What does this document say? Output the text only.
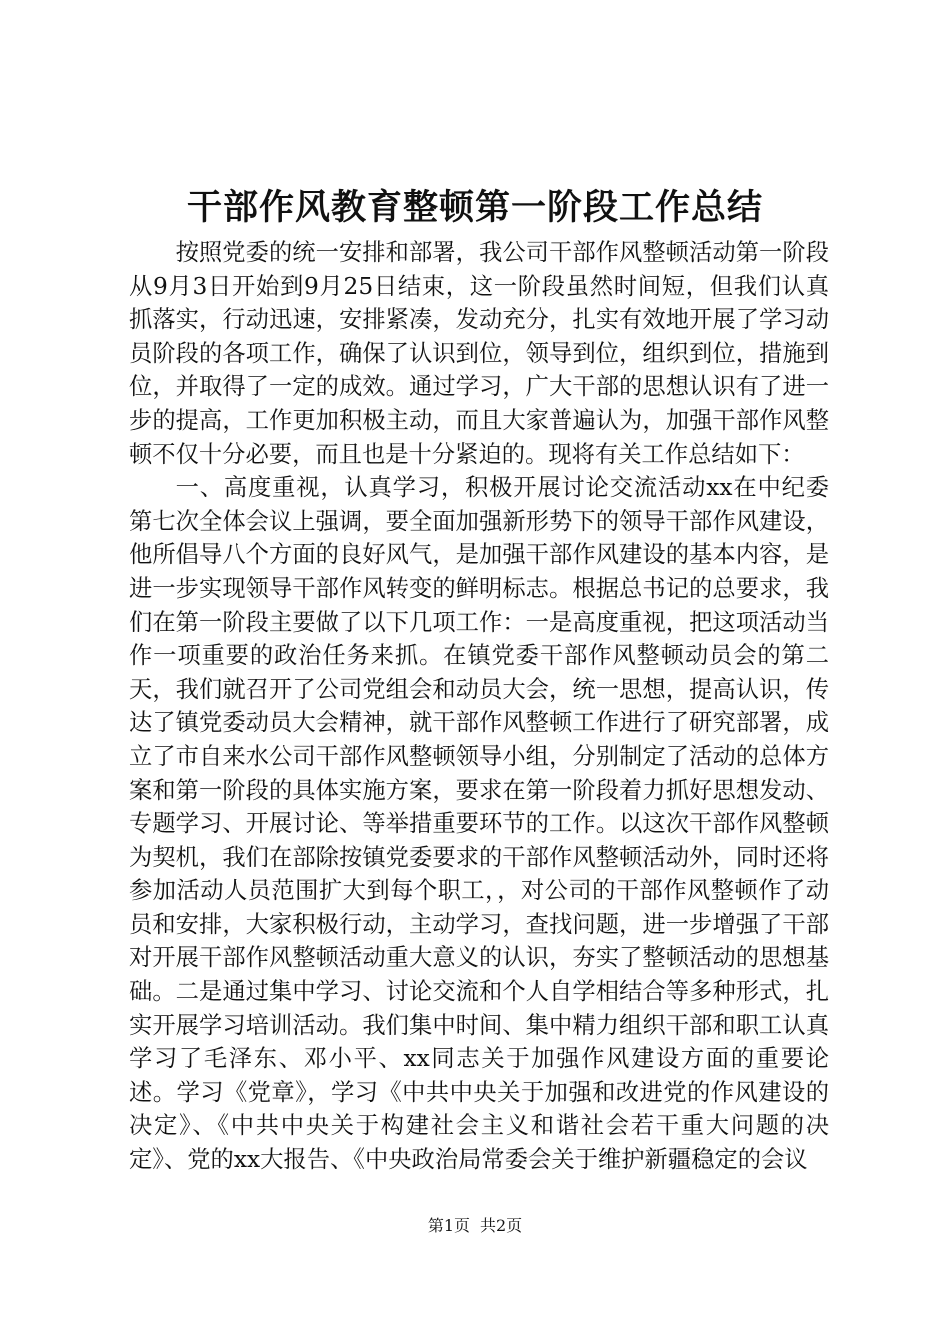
干部作风教育整顿第一阶段工作总结

按照党委的统一安排和部署，我公司干部作风整顿活动第一阶段从9月3日开始到9月25日结束，这一阶段虽然时间短，但我们认真抓落实，行动迅速，安排紧凑，发动充分，扎实有效地开展了学习动员阶段的各项工作，确保了认识到位，领导到位，组织到位，措施到位，并取得了一定的成效。通过学习，广大干部的思想认识有了进一步的提高，工作更加积极主动，而且大家普遍认为，加强干部作风整顿不仅十分必要，而且也是十分紧迫的。现将有关工作总结如下：

一、高度重视，认真学习，积极开展讨论交流活动xx在中纪委第七次全体会议上强调，要全面加强新形势下的领导干部作风建设，他所倡导八个方面的良好风气，是加强干部作风建设的基本内容，是进一步实现领导干部作风转变的鲜明标志。根据总书记的总要求，我们在第一阶段主要做了以下几项工作：一是高度重视，把这项活动当作一项重要的政治任务来抓。在镇党委干部作风整顿动员会的第二天，我们就召开了公司党组会和动员大会，统一思想，提高认识，传达了镇党委动员大会精神，就干部作风整顿工作进行了研究部署，成立了市自来水公司干部作风整顿领导小组，分别制定了活动的总体方案和第一阶段的具体实施方案，要求在第一阶段着力抓好思想发动、专题学习、开展讨论、等举措重要环节的工作。以这次干部作风整顿为契机，我们在部除按镇党委要求的干部作风整顿活动外，同时还将参加活动人员范围扩大到每个职工，，对公司的干部作风整顿作了动员和安排，大家积极行动，主动学习，查找问题，进一步增强了干部对开展干部作风整顿活动重大意义的认识，夯实了整顿活动的思想基础。二是通过集中学习、讨论交流和个人自学相结合等多种形式，扎实开展学习培训活动。我们集中时间、集中精力组织干部和职工认真学习了毛泽东、邓小平、xx同志关于加强作风建设方面的重要论述。学习《党章》，学习《中共中央关于加强和改进党的作风建设的决定》、《中共中央关于构建社会主义和谐社会若干重大问题的决定》、党的xx大报告、《中央政治局常委会关于维护新疆稳定的会议

第1页 共2页
